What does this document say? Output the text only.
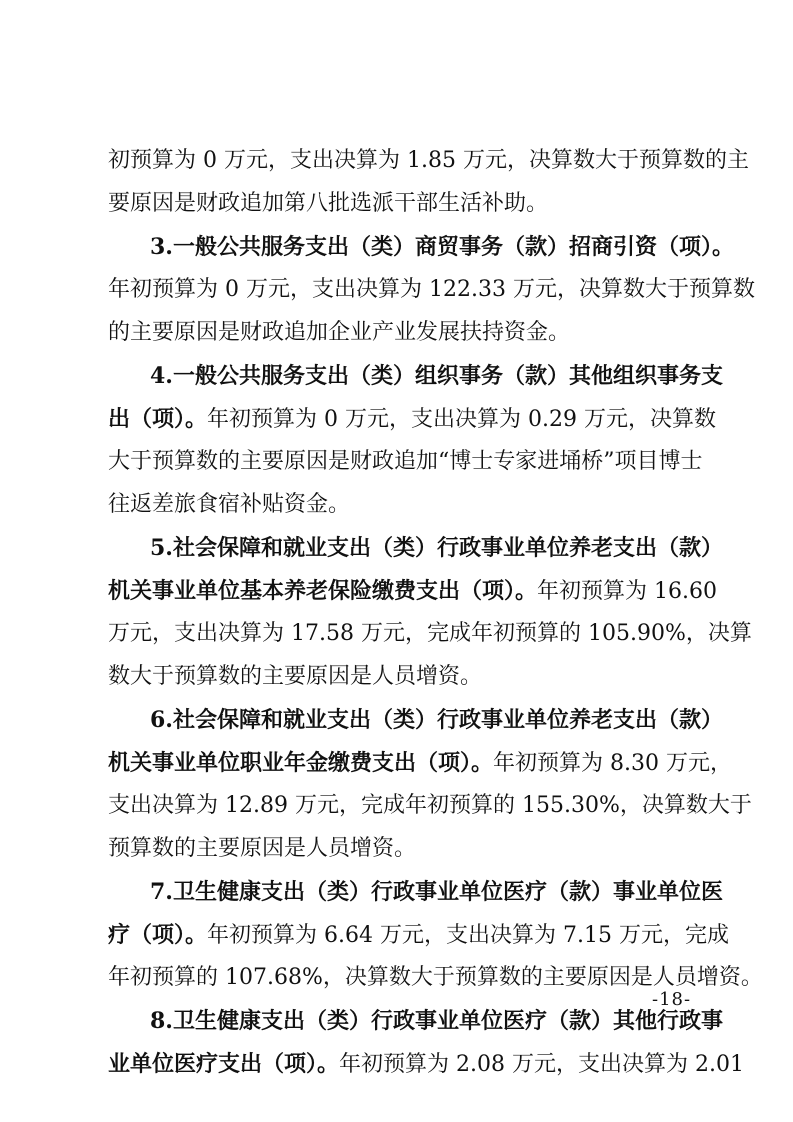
初预算为 0 万元，支出决算为 1.85 万元，决算数大于预算数的主
要原因是财政追加第八批选派干部生活补助。
3.一般公共服务支出（类）商贸事务（款）招商引资（项）。
年初预算为 0 万元，支出决算为 122.33 万元，决算数大于预算数
的主要原因是财政追加企业产业发展扶持资金。
4.一般公共服务支出（类）组织事务（款）其他组织事务支
出（项）。年初预算为 0 万元，支出决算为 0.29 万元，决算数
大于预算数的主要原因是财政追加“博士专家进埇桥”项目博士
往返差旅食宿补贴资金。
5.社会保障和就业支出（类）行政事业单位养老支出（款）
机关事业单位基本养老保险缴费支出（项）。年初预算为 16.60
万元，支出决算为 17.58 万元，完成年初预算的 105.90%，决算
数大于预算数的主要原因是人员增资。
6.社会保障和就业支出（类）行政事业单位养老支出（款）
机关事业单位职业年金缴费支出（项）。年初预算为 8.30 万元，
支出决算为 12.89 万元，完成年初预算的 155.30%，决算数大于
预算数的主要原因是人员增资。
7.卫生健康支出（类）行政事业单位医疗（款）事业单位医
疗（项）。年初预算为 6.64 万元，支出决算为 7.15 万元，完成
年初预算的 107.68%，决算数大于预算数的主要原因是人员增资。
8.卫生健康支出（类）行政事业单位医疗（款）其他行政事
业单位医疗支出（项）。年初预算为 2.08 万元，支出决算为 2.01
-18-
